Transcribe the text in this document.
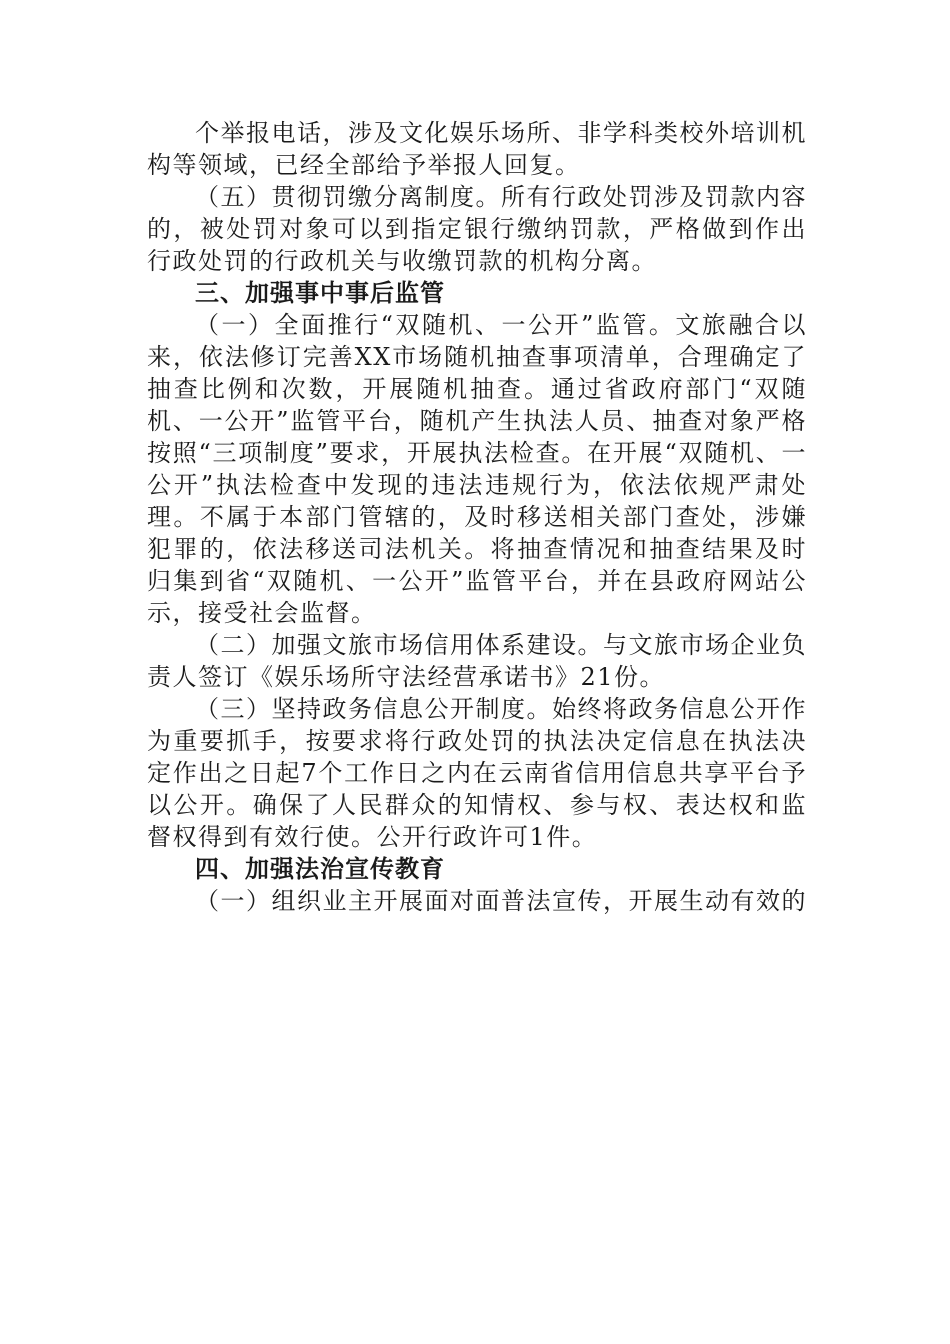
个举报电话，涉及文化娱乐场所、非学科类校外培训机构等领域，已经全部给予举报人回复。

（五）贯彻罚缴分离制度。所有行政处罚涉及罚款内容的，被处罚对象可以到指定银行缴纳罚款，严格做到作出行政处罚的行政机关与收缴罚款的机构分离。

三、加强事中事后监管

（一）全面推行“双随机、一公开”监管。文旅融合以来，依法修订完善XX市场随机抽查事项清单，合理确定了抽查比例和次数，开展随机抽查。通过省政府部门“双随机、一公开”监管平台，随机产生执法人员、抽查对象严格按照“三项制度”要求，开展执法检查。在开展“双随机、一公开”执法检查中发现的违法违规行为，依法依规严肃处理。不属于本部门管辖的，及时移送相关部门查处，涉嫌犯罪的，依法移送司法机关。将抽查情况和抽查结果及时归集到省“双随机、一公开”监管平台，并在县政府网站公示，接受社会监督。

（二）加强文旅市场信用体系建设。与文旅市场企业负责人签订《娱乐场所守法经营承诺书》21份。

（三）坚持政务信息公开制度。始终将政务信息公开作为重要抓手，按要求将行政处罚的执法决定信息在执法决定作出之日起7个工作日之内在云南省信用信息共享平台予以公开。确保了人民群众的知情权、参与权、表达权和监督权得到有效行使。公开行政许可1件。

四、加强法治宣传教育

（一）组织业主开展面对面普法宣传，开展生动有效的
